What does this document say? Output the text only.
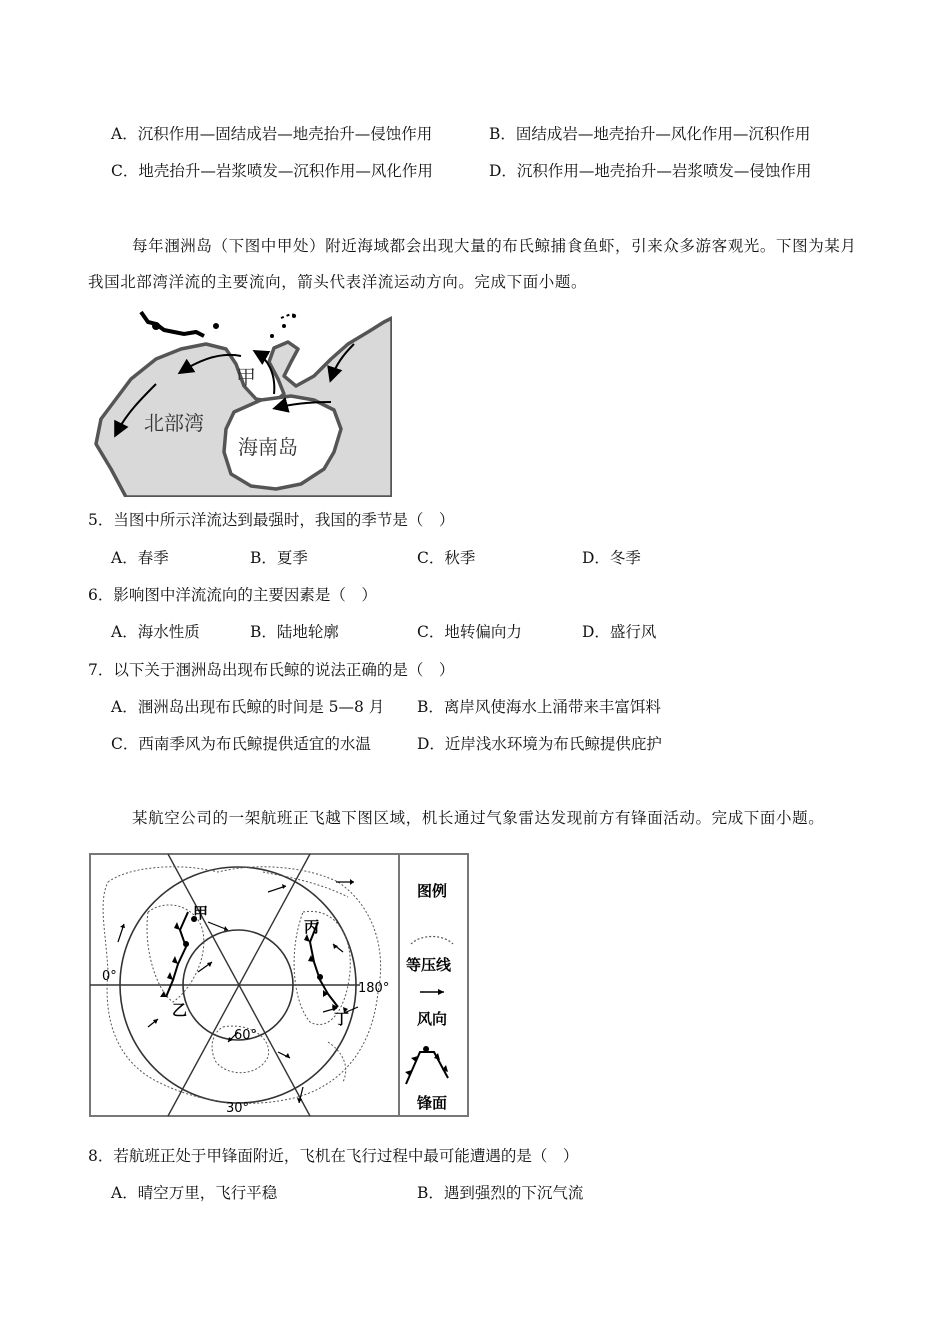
A．沉积作用—固结成岩—地壳抬升—侵蚀作用	B．固结成岩—地壳抬升—风化作用—沉积作用
C．地壳抬升—岩浆喷发—沉积作用—风化作用	D．沉积作用—地壳抬升—岩浆喷发—侵蚀作用
每年涠洲岛（下图中甲处）附近海域都会出现大量的布氏鲸捕食鱼虾，引来众多游客观光。下图为某月我国北部湾洋流的主要流向，箭头代表洋流运动方向。完成下面小题。
甲
北部湾
海南岛
5．当图中所示洋流达到最强时，我国的季节是（　）
A．春季	B．夏季	C．秋季	D．冬季
6．影响图中洋流流向的主要因素是（　）
A．海水性质	B．陆地轮廓	C．地转偏向力	D．盛行风
7．以下关于涠洲岛出现布氏鲸的说法正确的是（　）
A．涠洲岛出现布氏鲸的时间是 5—8 月 B．离岸风使海水上涌带来丰富饵料
C．西南季风为布氏鲸提供适宜的水温	D．近岸浅水环境为布氏鲸提供庇护
某航空公司的一架航班正飞越下图区域，机长通过气象雷达发现前方有锋面活动。完成下面小题。
甲
乙
丙
丁
0°
180°
60°
30°
图例
等压线
风向
锋面
8．若航班正处于甲锋面附近，飞机在飞行过程中最可能遭遇的是（　）
A．晴空万里，飞行平稳	B．遇到强烈的下沉气流
